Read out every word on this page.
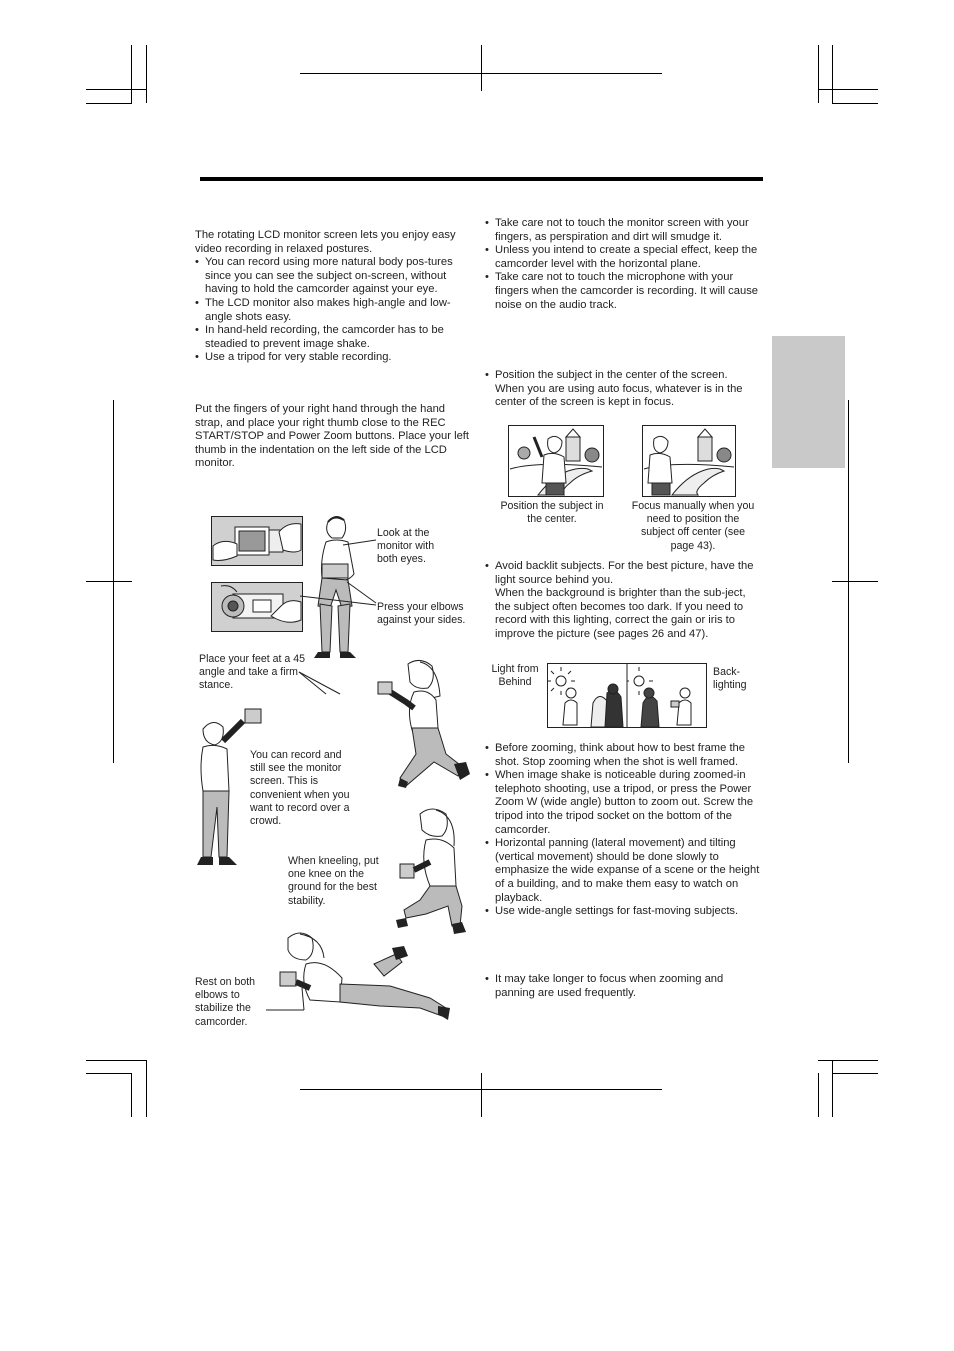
The rotating LCD monitor screen lets you enjoy easy video recording in relaxed postures.
• You can record using more natural body pos-tures since you can see the subject on-screen, without having to hold the camcorder against your eye.
• The LCD monitor also makes high-angle and low-angle shots easy.
• In hand-held recording, the camcorder has to be steadied to prevent image shake.
• Use a tripod for very stable recording.
Put the fingers of your right hand through the hand strap, and place your right thumb close to the REC START/STOP and Power Zoom buttons. Place your left thumb in the indentation on the left side of the LCD monitor.
Look at the monitor with both eyes.
Press your elbows against your sides.
Place your feet at a 45 angle and take a firm stance.
You can record and still see the monitor screen. This is convenient when you want to record over a crowd.
When kneeling, put one knee on the ground for the best stability.
Rest on both elbows to stabilize the camcorder.
• Take care not to touch the monitor screen with your fingers, as perspiration and dirt will smudge it.
• Unless you intend to create a special effect, keep the camcorder level with the horizontal plane.
• Take care not to touch the microphone with your fingers when the camcorder is recording. It will cause noise on the audio track.
• Position the subject in the center of the screen. When you are using auto focus, whatever is in the center of the screen is kept in focus.
Position the subject in the center.
Focus manually when you need to position the subject off center (see page 43).
• Avoid backlit subjects. For the best picture, have the light source behind you.
When the background is brighter than the sub-ject, the subject often becomes too dark. If you need to record with this lighting, correct the gain or iris to improve the picture (see pages 26 and 47).
Light from Behind
Back-lighting
• Before zooming, think about how to best frame the shot. Stop zooming when the shot is well framed.
• When image shake is noticeable during zoomed-in telephoto shooting, use a tripod, or press the Power Zoom W (wide angle) button to zoom out. Screw the tripod into the tripod socket on the bottom of the camcorder.
• Horizontal panning (lateral movement) and tilting (vertical movement) should be done slowly to emphasize the wide expanse of a scene or the height of a building, and to make them easy to watch on playback.
• Use wide-angle settings for fast-moving subjects.
• It may take longer to focus when zooming and panning are used frequently.
